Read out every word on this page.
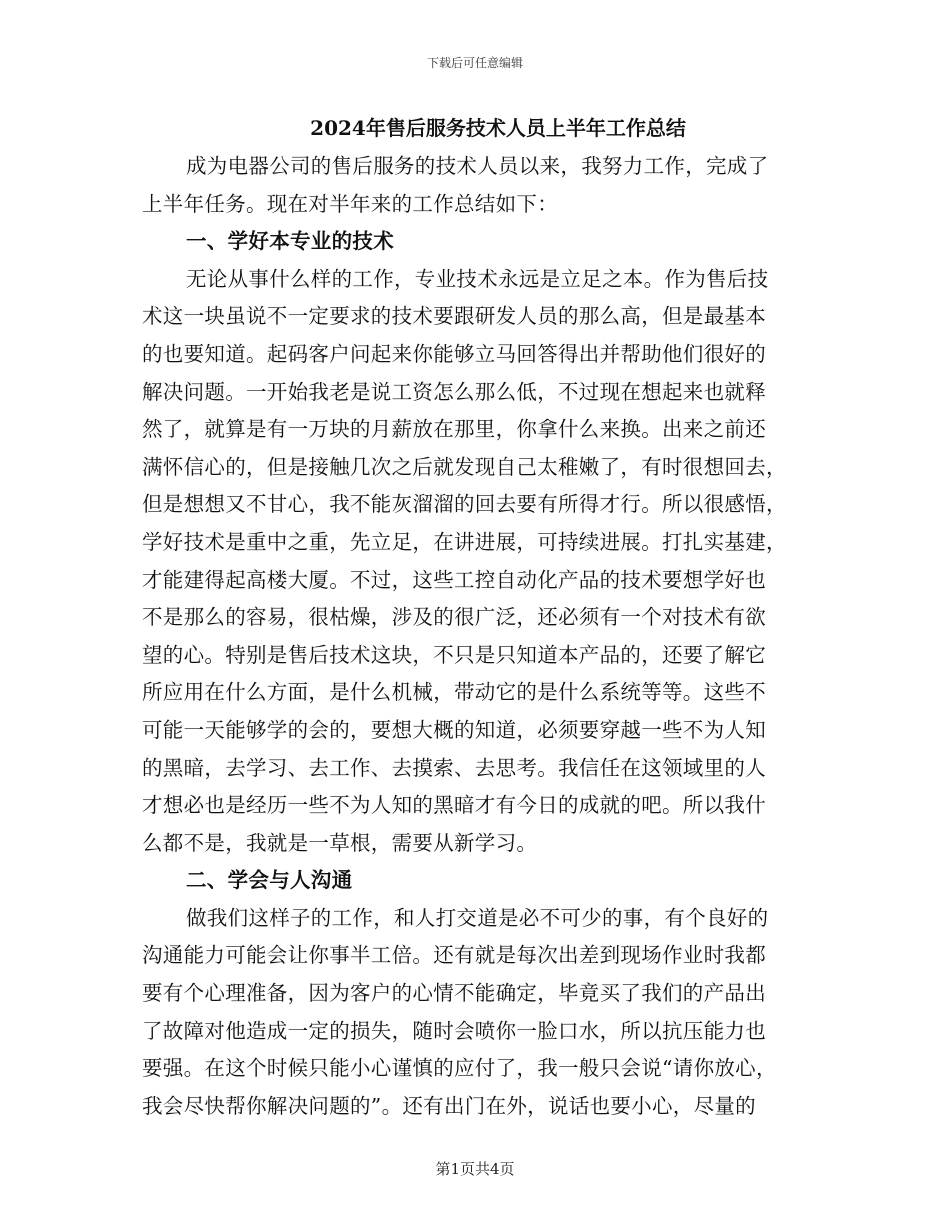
下载后可任意编辑
2024年售后服务技术人员上半年工作总结
成为电器公司的售后服务的技术人员以来，我努力工作，完成了
上半年任务。现在对半年来的工作总结如下：
一、学好本专业的技术
无论从事什么样的工作，专业技术永远是立足之本。作为售后技
术这一块虽说不一定要求的技术要跟研发人员的那么高，但是最基本
的也要知道。起码客户问起来你能够立马回答得出并帮助他们很好的
解决问题。一开始我老是说工资怎么那么低，不过现在想起来也就释
然了，就算是有一万块的月薪放在那里，你拿什么来换。出来之前还
满怀信心的，但是接触几次之后就发现自己太稚嫩了，有时很想回去，
但是想想又不甘心，我不能灰溜溜的回去要有所得才行。所以很感悟，
学好技术是重中之重，先立足，在讲进展，可持续进展。打扎实基建，
才能建得起高楼大厦。不过，这些工控自动化产品的技术要想学好也
不是那么的容易，很枯燥，涉及的很广泛，还必须有一个对技术有欲
望的心。特别是售后技术这块，不只是只知道本产品的，还要了解它
所应用在什么方面，是什么机械，带动它的是什么系统等等。这些不
可能一天能够学的会的，要想大概的知道，必须要穿越一些不为人知
的黑暗，去学习、去工作、去摸索、去思考。我信任在这领域里的人
才想必也是经历一些不为人知的黑暗才有今日的成就的吧。所以我什
么都不是，我就是一草根，需要从新学习。
二、学会与人沟通
做我们这样子的工作，和人打交道是必不可少的事，有个良好的
沟通能力可能会让你事半工倍。还有就是每次出差到现场作业时我都
要有个心理准备，因为客户的心情不能确定，毕竟买了我们的产品出
了故障对他造成一定的损失，随时会喷你一脸口水，所以抗压能力也
要强。在这个时候只能小心谨慎的应付了，我一般只会说“请你放心，
我会尽快帮你解决问题的”。还有出门在外，说话也要小心，尽量的
第1页共4页
